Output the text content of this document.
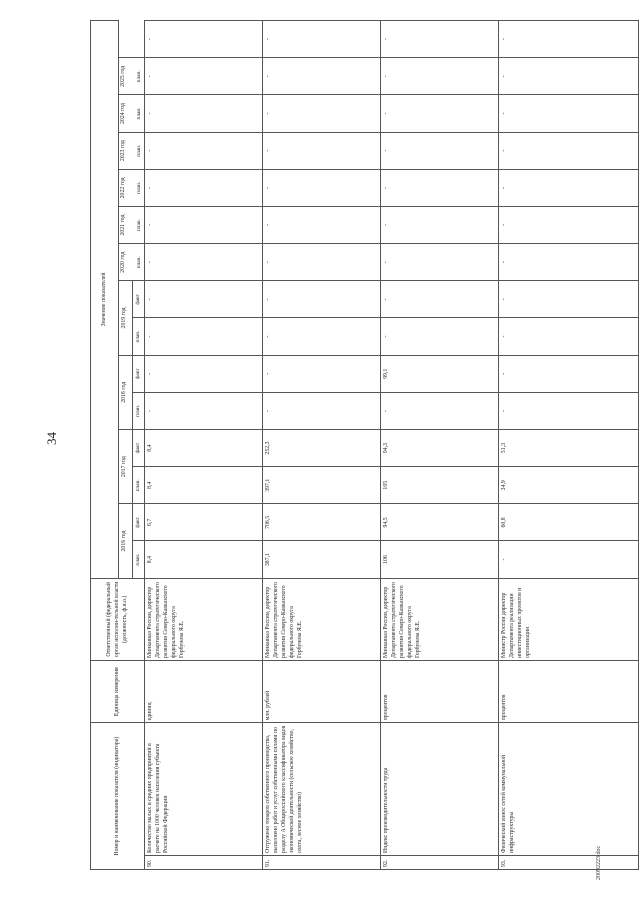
34
20092223.doc
Номер и наименование показателя (индикатора)		Единица измерения	Ответственный (федеральный орган исполни-тельной власти (должность, ф.и.о.)	Значение показателей														
				2016 год		2017 год		2018 год		2019 год		2020 год план.	2021 год план.	2022 год план.	2023 год план.	2024 год план.	2025 год план.	
				план.	факт	план.	факт	план.	факт	план.	факт							
90.	Количество малых и средних предприятий в расчете на 1000 человек населения субъекта Российской Федерации	единиц	Минкавказ России, директор Департамента стратегического развития Северо-Кавказского федерального округа Горбунова Я.Е.	8,4	6,7	8,4	8,4	-	-	-	-	-	-	-	-	-	-	-
91.	Отгружено товаров собственного производства, выполнено работ и услуг собственными силами по разделу А Общероссийского классификатора видов экономической деятельности (сельское хозяйство, охота, лесное хозяйство)	млн. рублей	Минкавказ России, директор Департамента стратегического развития Северо-Кавказского федерального округа Горбунова Я.Е.	387,1	706,5	397,1	252,3	-	-	-	-	-	-	-	-	-	-	-
92.	Индекс производительности труда	процентов	Минкавказ России, директор Департамента стратегического развития Северо-Кавказского федерального округа Горбунова Я.Е.	106	94,5	105	94,3	-	99,1	-	-	-	-	-	-	-	-	-
93.	Физический износ сетей коммунальной инфраструктуры	процентов	Министр России директор Департамента реализации инвестиционных проектов и организации	-	60,8	34,9	51,3	-	-	-	-	-	-	-	-	-	-	-
